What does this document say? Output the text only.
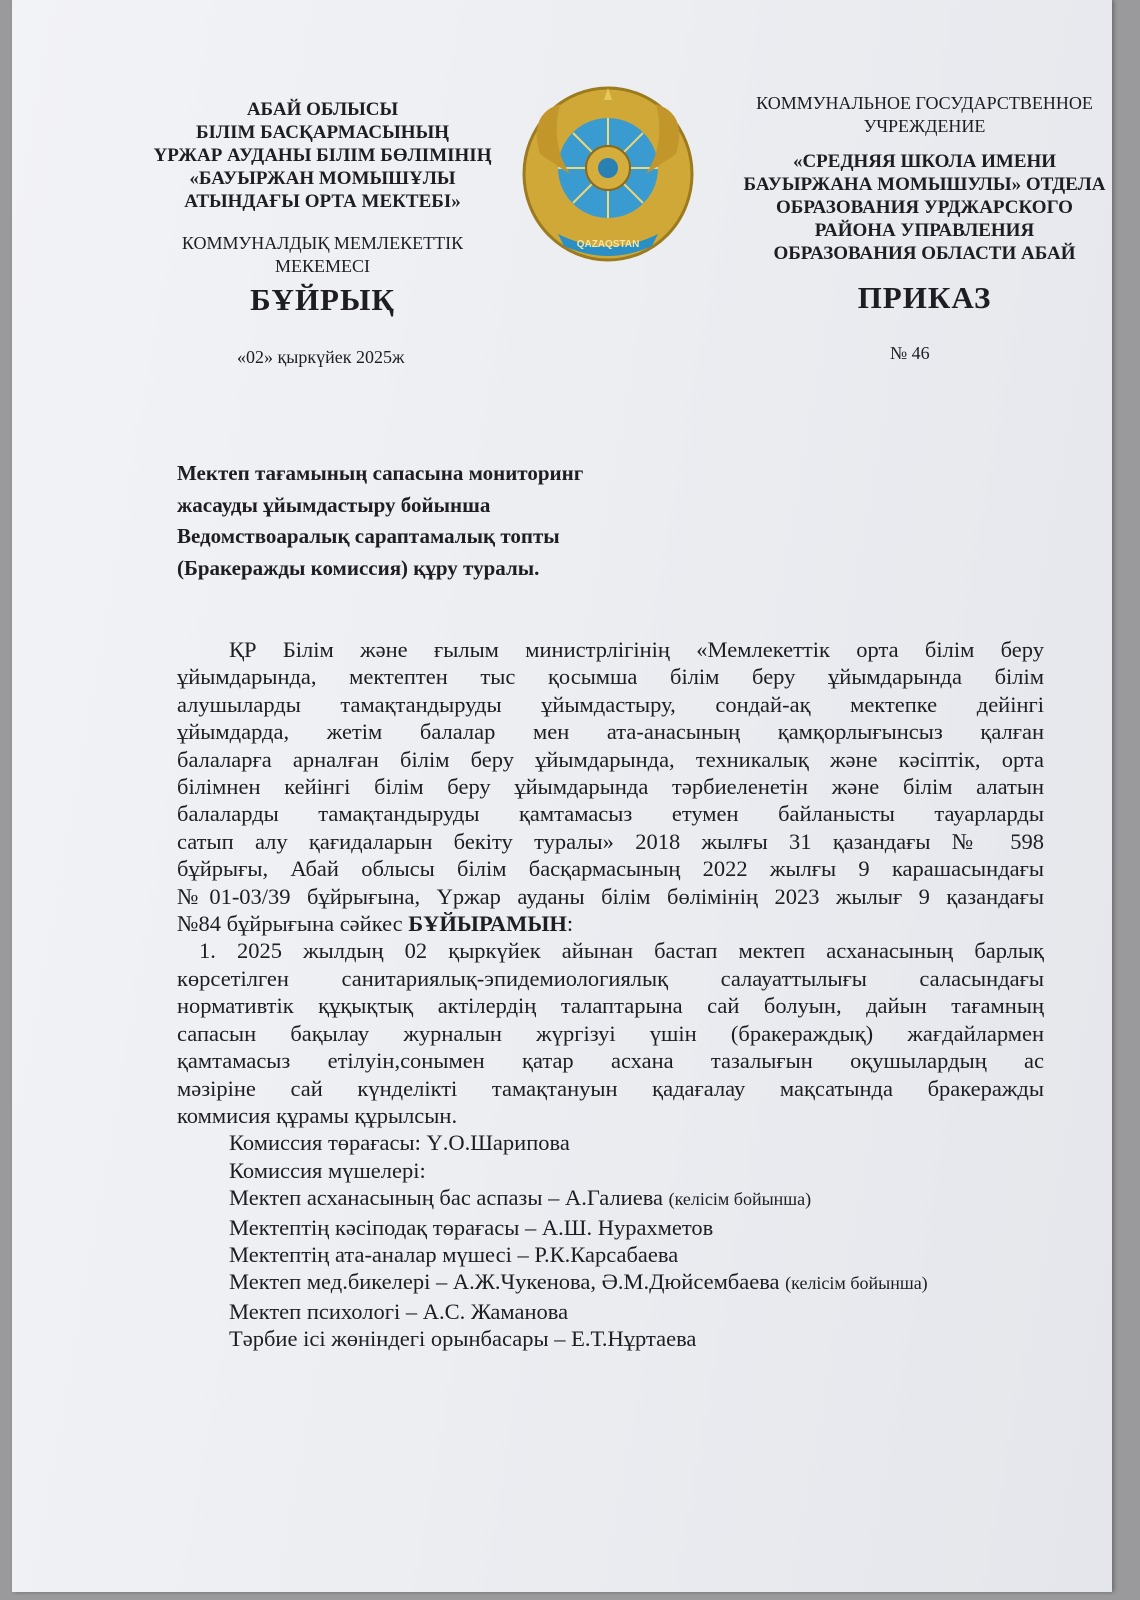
АБАЙ ОБЛЫСЫ
БІЛІМ БАСҚАРМАСЫНЫҢ
ҮРЖАР АУДАНЫ БІЛІМ БӨЛІМІНІҢ
«БАУЫРЖАН МОМЫШҰЛЫ
АТЫНДАҒЫ ОРТА МЕКТЕБІ»
КОММУНАЛДЫҚ МЕМЛЕКЕТТІК
МЕКЕМЕСІ
БҰЙРЫҚ
«02» қыркүйек 2025ж
QAZAQSTAN
КОММУНАЛЬНОЕ ГОСУДАРСТВЕННОЕ
УЧРЕЖДЕНИЕ
«СРЕДНЯЯ ШКОЛА ИМЕНИ
БАУЫРЖАНА МОМЫШУЛЫ» ОТДЕЛА
ОБРАЗОВАНИЯ УРДЖАРСКОГО
РАЙОНА УПРАВЛЕНИЯ
ОБРАЗОВАНИЯ ОБЛАСТИ АБАЙ
ПРИКАЗ
№ 46
Мектеп тағамының сапасына мониторинг
жасауды ұйымдастыру бойынша
Ведомствоаралық сараптамалық топты
(Бракеражды комиссия) құру туралы.
ҚР Білім және ғылым министрлігінің «Мемлекеттік орта білім беру
ұйымдарында, мектептен тыс қосымша білім беру ұйымдарында білім
алушыларды тамақтандыруды ұйымдастыру, сондай-ақ мектепке дейінгі
ұйымдарда, жетім балалар мен ата-анасының қамқорлығынсыз қалған
балаларға арналған білім беру ұйымдарында, техникалық және кәсіптік, орта
білімнен кейінгі білім беру ұйымдарында тәрбиеленетін және білім алатын
балаларды тамақтандыруды қамтамасыз етумен байланысты тауарларды
сатып алу қағидаларын бекіту туралы» 2018 жылғы 31 қазандағы № 598
бұйрығы, Абай облысы білім басқармасының 2022 жылғы 9 карашасындағы
№01-03/39 бұйрығына, Үржар ауданы білім бөлімінің 2023 жылығ 9 қазандағы
№84 бұйрығына сәйкес БҰЙЫРАМЫН:
1. 2025 жылдың 02 қыркүйек айынан бастап мектеп асханасының барлық
көрсетілген санитариялық-эпидемиологиялық салауаттылығы саласындағы
нормативтік құқықтық актілердің талаптарына сай болуын, дайын тағамның
сапасын бақылау журналын жүргізуі үшін (бракераждық) жағдайлармен
қамтамасыз етілуін,сонымен қатар асхана тазалығын оқушылардың ас
мәзіріне сай күнделікті тамақтануын қадағалау мақсатында бракеражды
коммисия құрамы құрылсын.
Комиссия төрағасы: Ү.О.Шарипова
Комиссия мүшелері:
Мектеп асханасының бас аспазы – А.Галиева (келісім бойынша)
Мектептің кәсіподақ төрағасы – А.Ш. Нурахметов
Мектептің ата-аналар мүшесі – Р.К.Карсабаева
Мектеп мед.бикелері – А.Ж.Чукенова, Ә.М.Дюйсембаева (келісім бойынша)
Мектеп психологі – А.С. Жаманова
Тәрбие ісі жөніндегі орынбасары – Е.Т.Нұртаева
